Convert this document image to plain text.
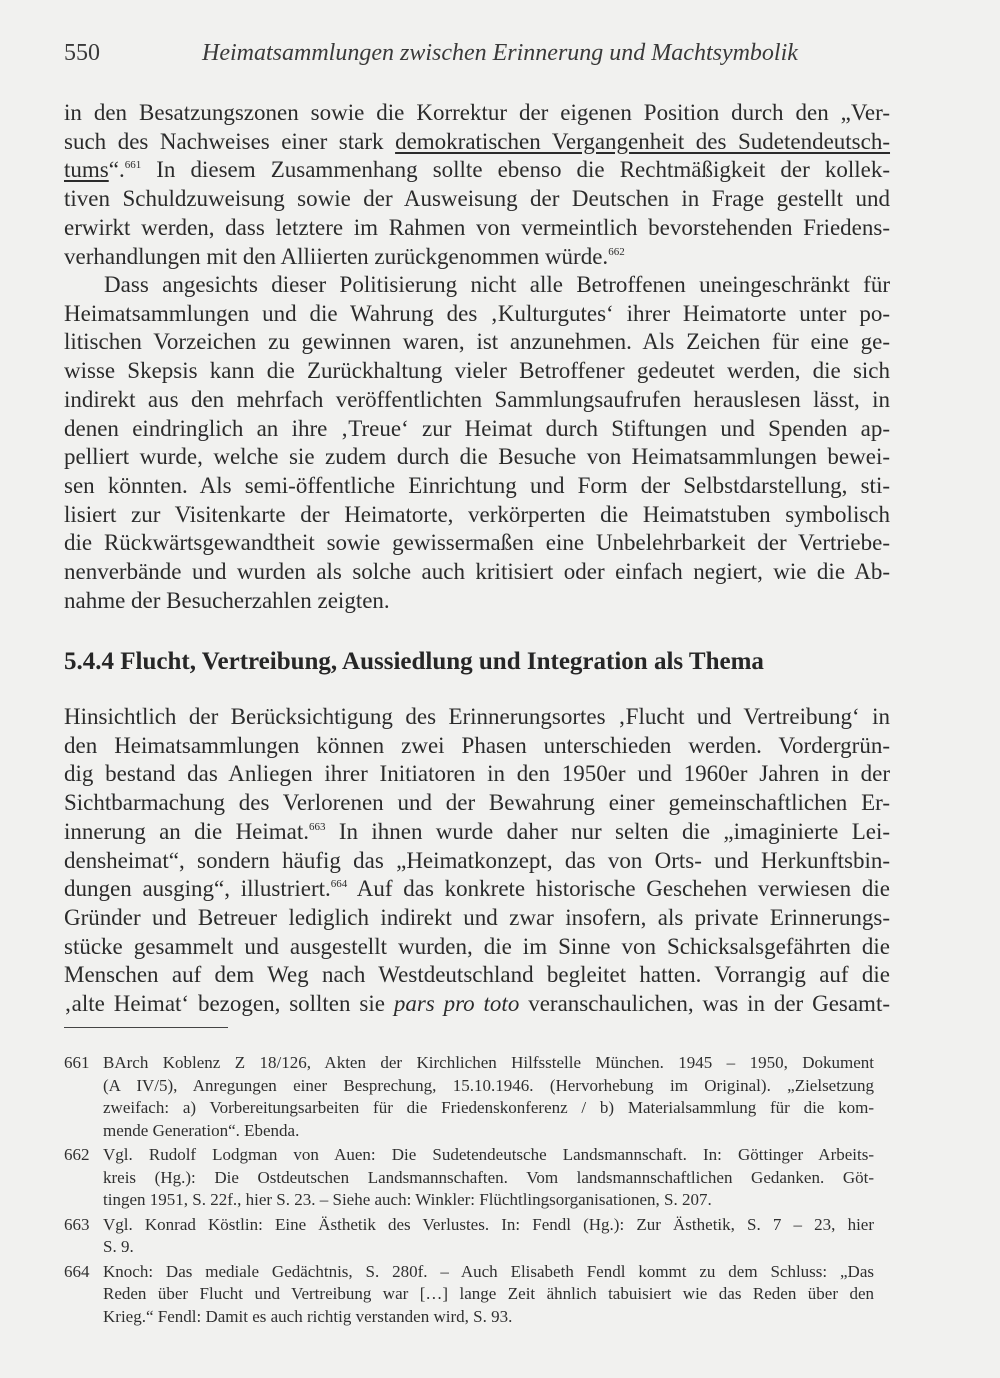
550	Heimatsammlungen zwischen Erinnerung und Machtsymbolik

in den Besatzungszonen sowie die Korrektur der eigenen Position durch den „Ver-
such des Nachweises einer stark demokratischen Vergangenheit des Sudetendeutsch-
tums“.$^{661}$ In diesem Zusammenhang sollte ebenso die Rechtmäßigkeit der kollek-
tiven Schuldzuweisung sowie der Ausweisung der Deutschen in Frage gestellt und
erwirkt werden, dass letztere im Rahmen von vermeintlich bevorstehenden Friedens-
verhandlungen mit den Alliierten zurückgenommen würde.$^{662}$

Dass angesichts dieser Politisierung nicht alle Betroffenen uneingeschränkt für
Heimatsammlungen und die Wahrung des ‚Kulturgutes‘ ihrer Heimatorte unter po-
litischen Vorzeichen zu gewinnen waren, ist anzunehmen. Als Zeichen für eine ge-
wisse Skepsis kann die Zurückhaltung vieler Betroffener gedeutet werden, die sich
indirekt aus den mehrfach veröffentlichten Sammlungsaufrufen herauslesen lässt, in
denen eindringlich an ihre ‚Treue‘ zur Heimat durch Stiftungen und Spenden ap-
pelliert wurde, welche sie zudem durch die Besuche von Heimatsammlungen bewei-
sen könnten. Als semi-öffentliche Einrichtung und Form der Selbstdarstellung, sti-
lisiert zur Visitenkarte der Heimatorte, verkörperten die Heimatstuben symbolisch
die Rückwärtsgewandtheit sowie gewissermaßen eine Unbelehrbarkeit der Vertriebe-
nenverbände und wurden als solche auch kritisiert oder einfach negiert, wie die Ab-
nahme der Besucherzahlen zeigten.

5.4.4 Flucht, Vertreibung, Aussiedlung und Integration als Thema

Hinsichtlich der Berücksichtigung des Erinnerungsortes ‚Flucht und Vertreibung‘ in
den Heimatsammlungen können zwei Phasen unterschieden werden. Vordergrün-
dig bestand das Anliegen ihrer Initiatoren in den 1950er und 1960er Jahren in der
Sichtbarmachung des Verlorenen und der Bewahrung einer gemeinschaftlichen Er-
innerung an die Heimat.$^{663}$ In ihnen wurde daher nur selten die „imaginierte Lei-
densheimat“, sondern häufig das „Heimatkonzept, das von Orts- und Herkunftsbin-
dungen ausging“, illustriert.$^{664}$ Auf das konkrete historische Geschehen verwiesen die
Gründer und Betreuer lediglich indirekt und zwar insofern, als private Erinnerungs-
stücke gesammelt und ausgestellt wurden, die im Sinne von Schicksalsgefährten die
Menschen auf dem Weg nach Westdeutschland begleitet hatten. Vorrangig auf die
‚alte Heimat‘ bezogen, sollten sie pars pro toto veranschaulichen, was in der Gesamt-

661 BArch Koblenz Z 18/126, Akten der Kirchlichen Hilfsstelle München. 1945 – 1950, Dokument
(A IV/5), Anregungen einer Besprechung, 15.10.1946. (Hervorhebung im Original). „Zielsetzung
zweifach: a) Vorbereitungsarbeiten für die Friedenskonferenz / b) Materialsammlung für die kom-
mende Generation“. Ebenda.
662 Vgl. Rudolf Lodgman von Auen: Die Sudetendeutsche Landsmannschaft. In: Göttinger Arbeits-
kreis (Hg.): Die Ostdeutschen Landsmannschaften. Vom landsmannschaftlichen Gedanken. Göt-
tingen 1951, S. 22f., hier S. 23. – Siehe auch: Winkler: Flüchtlingsorganisationen, S. 207.
663 Vgl. Konrad Köstlin: Eine Ästhetik des Verlustes. In: Fendl (Hg.): Zur Ästhetik, S. 7 – 23, hier
S. 9.
664 Knoch: Das mediale Gedächtnis, S. 280f. – Auch Elisabeth Fendl kommt zu dem Schluss: „Das
Reden über Flucht und Vertreibung war […] lange Zeit ähnlich tabuisiert wie das Reden über den
Krieg.“ Fendl: Damit es auch richtig verstanden wird, S. 93.
